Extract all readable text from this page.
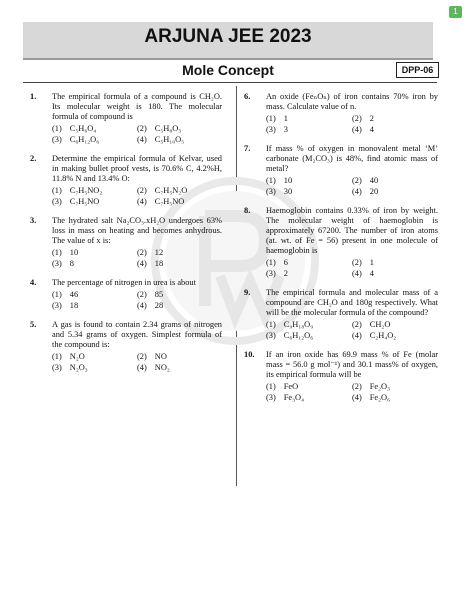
1
ARJUNA JEE 2023
Mole Concept	DPP-06
1. The empirical formula of a compound is CH₂O. Its molecular weight is 180. The molecular formula of compound is
(1) C₅H₆O₄	(2) C₅H₈O₃
(3) C₆H₁₂O₆	(4) C₅H₁₀O₅
2. Determine the empirical formula of Kelvar, used in making bullet proof vests, is 70.6% C, 4.2%H, 11.8% N and 13.4% O:
(1) C₇H₅NO₂	(2) C₇H₅N₂O
(3) C₇H₅NO	(4) C₇H₅NO
3. The hydrated salt Na₂CO₃.xH₂O undergoes 63% loss in mass on heating and becomes anhydrous. The value of x is:
(1) 10	(2) 12
(3) 8	(4) 18
4. The percentage of nitrogen in urea is about
(1) 46	(2) 85
(3) 18	(4) 28
5. A gas is found to contain 2.34 grams of nitrogen and 5.34 grams of oxygen. Simplest formula of the compound is:
(1) N₂O	(2) NO
(3) N₂O₃	(4) NO₂
6. An oxide (FeₙOₙ) of iron contains 70% iron by mass. Calculate value of n.
(1) 1	(2) 2
(3) 3	(4) 4
7. If mass % of oxygen in monovalent metal ‘M’ carbonate (M₂CO₃) is 48%, find atomic mass of metal?
(1) 10	(2) 40
(3) 30	(4) 20
8. Haemoglobin contains 0.33% of iron by weight. The molecular weight of haemoglobin is approximately 67200. The number of iron atoms (at. wt. of Fe = 56) present in one molecule of haemoglobin is
(1) 6	(2) 1
(3) 2	(4) 4
9. The empirical formula and molecular mass of a compound are CH₂O and 180g respectively. What will be the molecular formula of the compound?
(1) C₉H₁₈O₉	(2) CH₂O
(3) C₆H₁₂O₆	(4) C₂H₄O₂
10. If an iron oxide has 69.9 mass % of Fe (molar mass = 56.0 g mol⁻¹) and 30.1 mass% of oxygen, its empirical formula will be
(1) FeO	(2) Fe₂O₃
(3) Fe₃O₄	(4) Fe₂O₆
